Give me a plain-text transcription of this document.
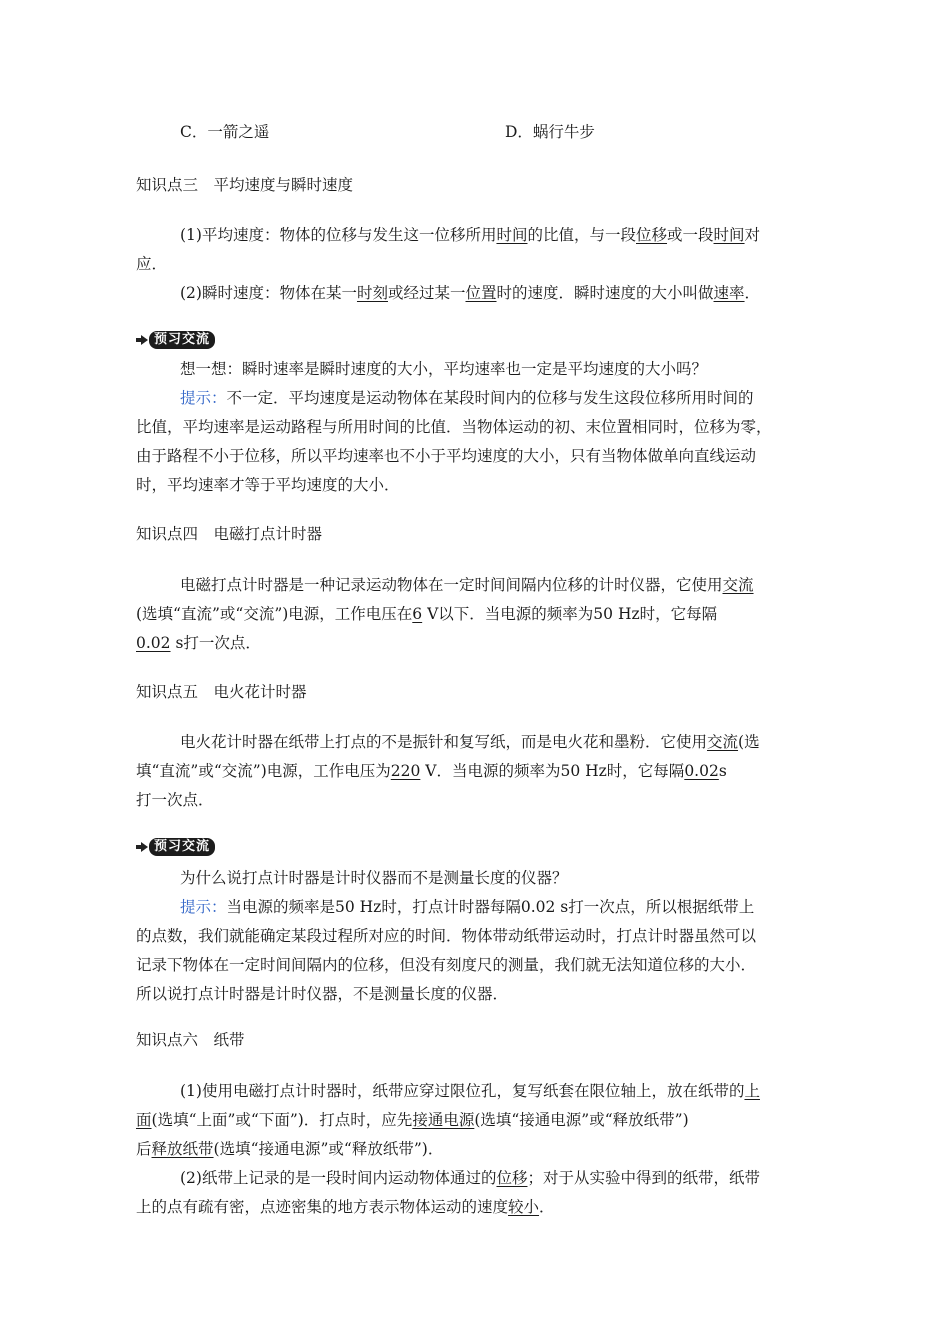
C．一箭之遥	D．蜗行牛步
知识点三　平均速度与瞬时速度
(1)平均速度：物体的位移与发生这一位移所用时间的比值，与一段位移或一段时间对
应．
(2)瞬时速度：物体在某一时刻或经过某一位置时的速度．瞬时速度的大小叫做速率．
预习交流
想一想：瞬时速率是瞬时速度的大小，平均速率也一定是平均速度的大小吗？
提示：不一定．平均速度是运动物体在某段时间内的位移与发生这段位移所用时间的
比值，平均速率是运动路程与所用时间的比值．当物体运动的初、末位置相同时，位移为零，
由于路程不小于位移，所以平均速率也不小于平均速度的大小，只有当物体做单向直线运动
时，平均速率才等于平均速度的大小．
知识点四　电磁打点计时器
电磁打点计时器是一种记录运动物体在一定时间间隔内位移的计时仪器，它使用交流
(选填“直流”或“交流”)电源，工作电压在6 V以下．当电源的频率为50 Hz时，它每隔
0.02 s打一次点．
知识点五　电火花计时器
电火花计时器在纸带上打点的不是振针和复写纸，而是电火花和墨粉．它使用交流(选
填“直流”或“交流”)电源，工作电压为220 V．当电源的频率为50 Hz时，它每隔0.02s
打一次点．
预习交流
为什么说打点计时器是计时仪器而不是测量长度的仪器？
提示：当电源的频率是50 Hz时，打点计时器每隔0.02 s打一次点，所以根据纸带上
的点数，我们就能确定某段过程所对应的时间．物体带动纸带运动时，打点计时器虽然可以
记录下物体在一定时间间隔内的位移，但没有刻度尺的测量，我们就无法知道位移的大小．
所以说打点计时器是计时仪器，不是测量长度的仪器．
知识点六　纸带
(1)使用电磁打点计时器时，纸带应穿过限位孔，复写纸套在限位轴上，放在纸带的上
面(选填“上面”或“下面”)．打点时，应先接通电源(选填“接通电源”或“释放纸带”)
后释放纸带(选填“接通电源”或“释放纸带”)．
(2)纸带上记录的是一段时间内运动物体通过的位移；对于从实验中得到的纸带，纸带
上的点有疏有密，点迹密集的地方表示物体运动的速度较小．
